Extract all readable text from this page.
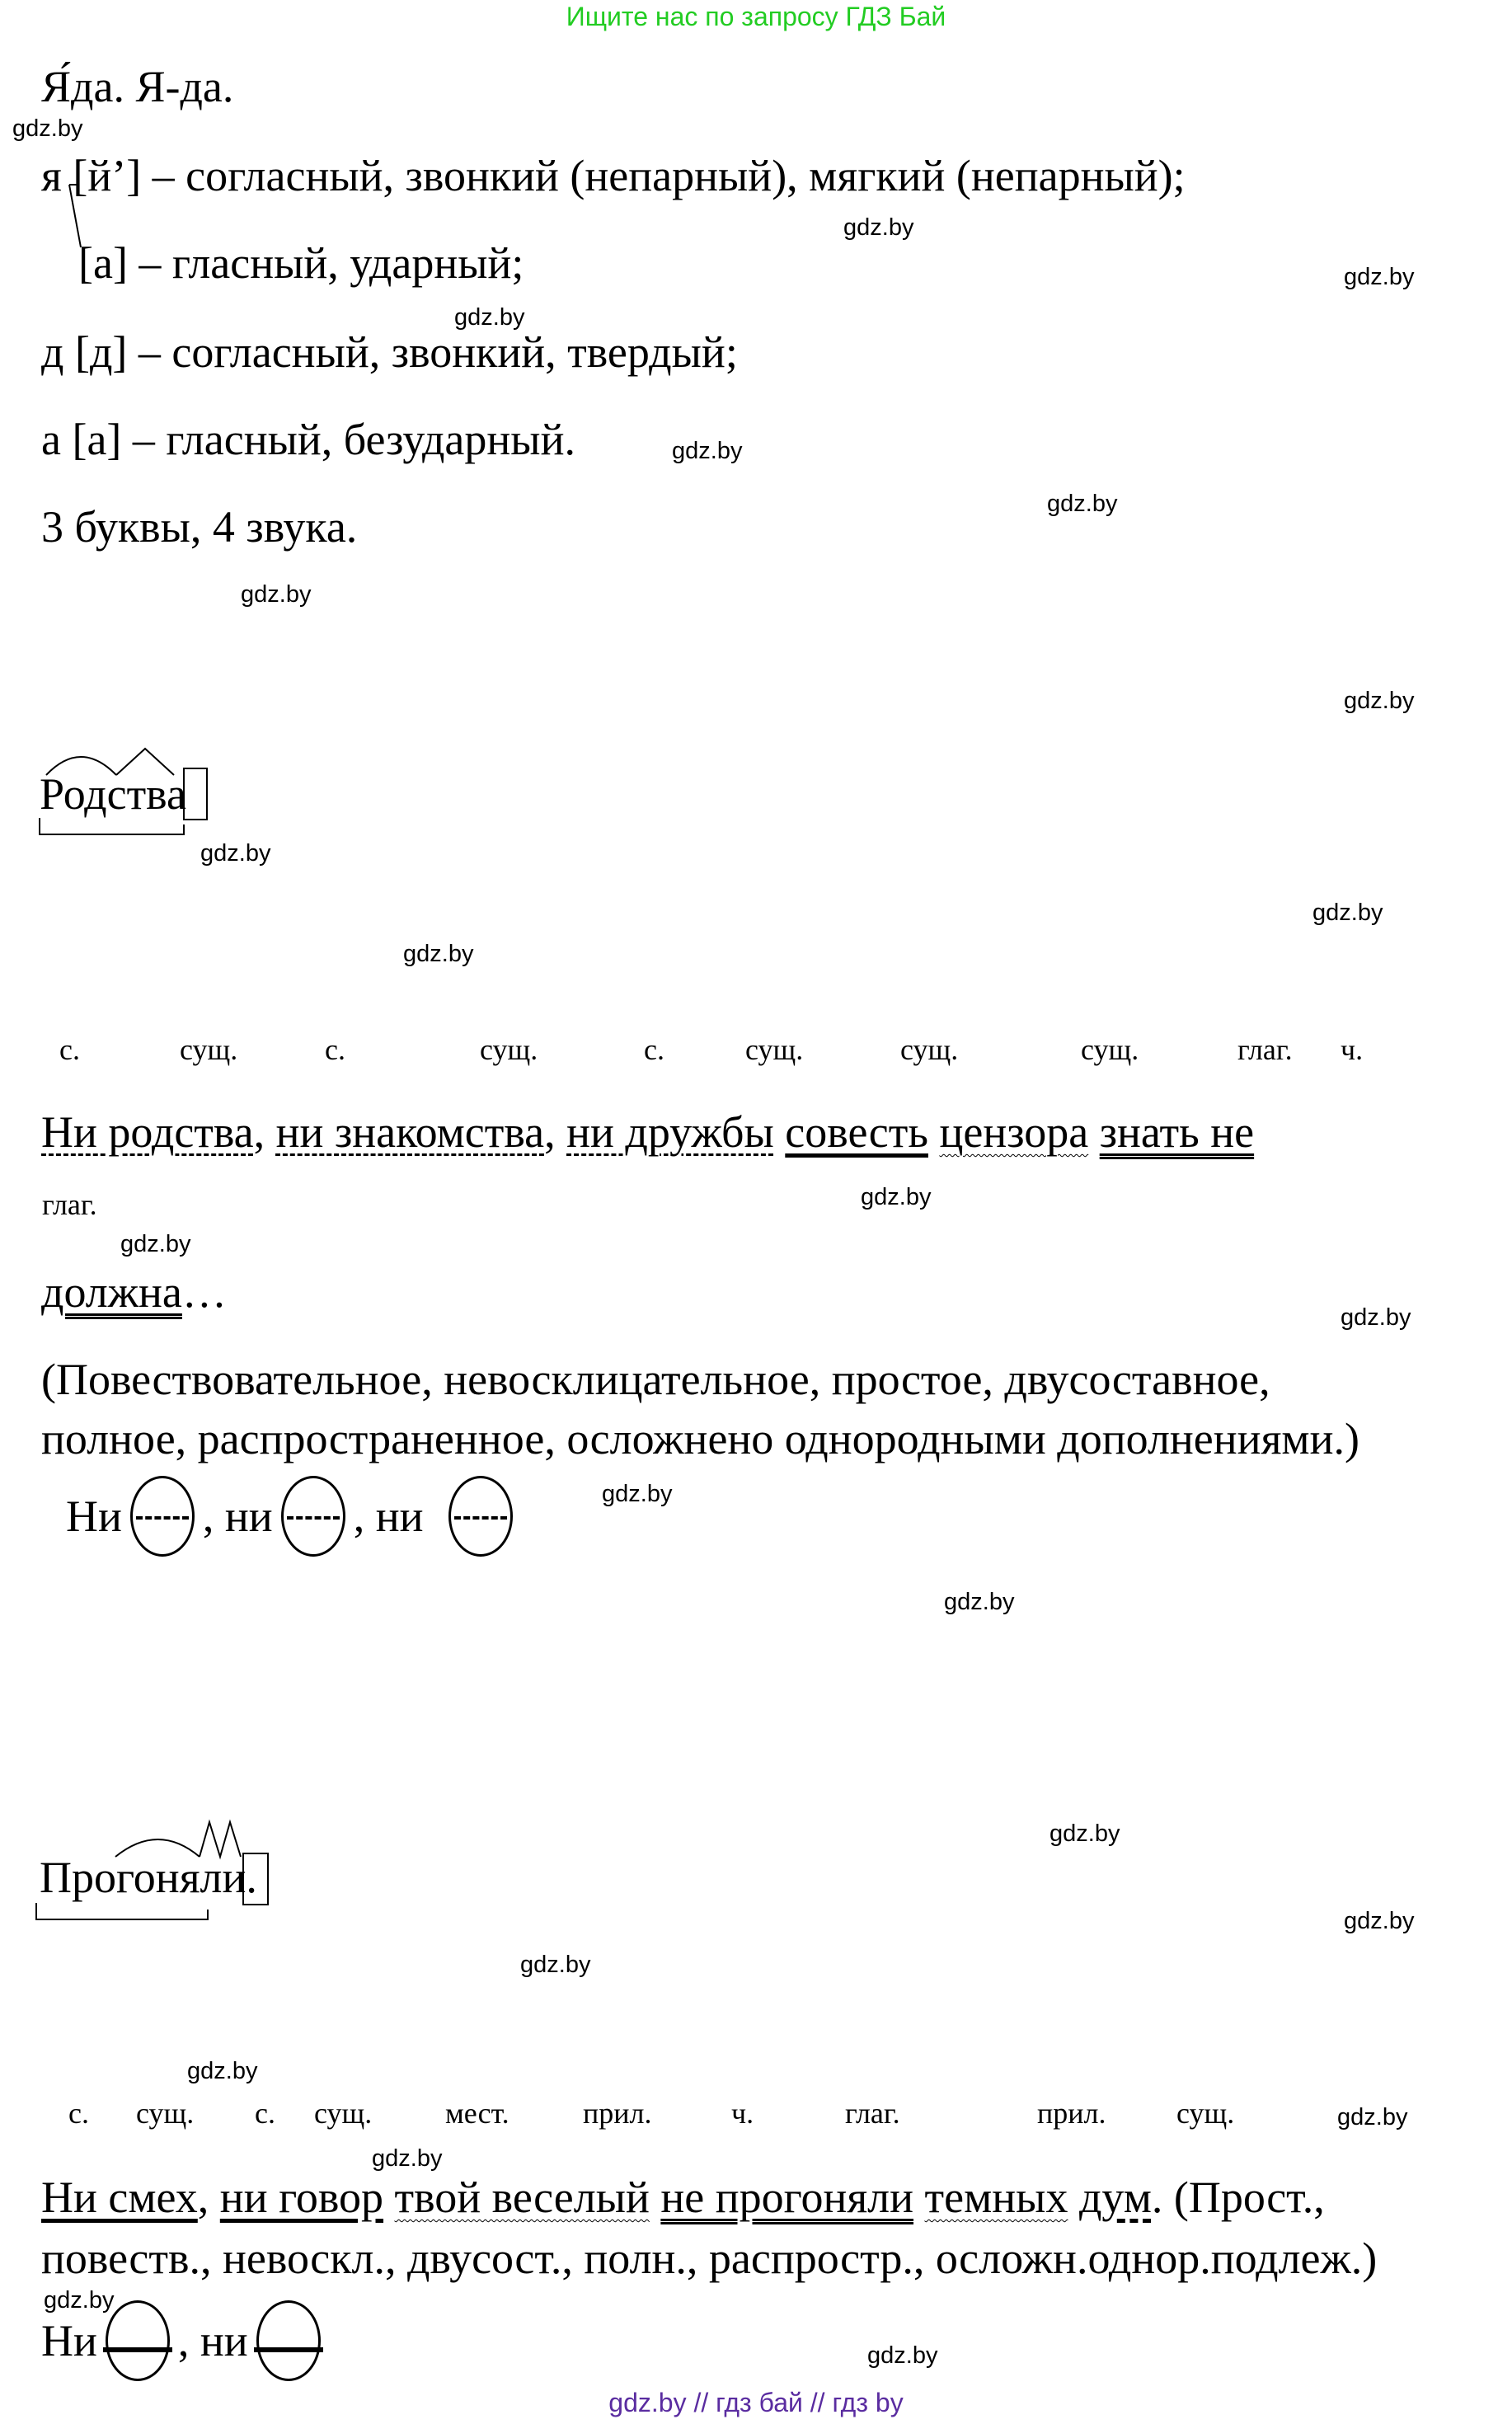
Ищите нас по запросу ГДЗ Бай
Я́да. Я-да.
я [й’] – согласный, звонкий (непарный), мягкий (непарный);
[а] – гласный, ударный;
д [д] – согласный, звонкий, твердый;
а [а] – гласный, безударный.
3 буквы, 4 звука.
Родства
с.	сущ.	с.	сущ.	с.	сущ.	сущ.	сущ.	глаг. ч.
Ни родства, ни знакомства, ни дружбы совесть цензора знать не
глаг.
должна…
(Повествовательное, невосклицательное, простое, двусоставное,
полное, распространенное, осложнено однородными дополнениями.)
Ни , ни , ни
Прогоняли.
с. сущ. с. сущ. мест. прил.	ч.	глаг.	прил. сущ.
Ни смех, ни говор твой веселый не прогоняли темных дум. (Прост.,
повеств., невоскл., двусост., полн., распростр., осложн.однор.подлеж.)
Ни , ни
gdz.by
gdz.by
gdz.by
gdz.by
gdz.by
gdz.by
gdz.by
gdz.by
gdz.by
gdz.by
gdz.by
gdz.by
gdz.by
gdz.by
gdz.by
gdz.by
gdz.by
gdz.by
gdz.by
gdz.by
gdz.by
gdz.by
gdz.by
gdz.by
gdz.by // гдз бай // гдз by
